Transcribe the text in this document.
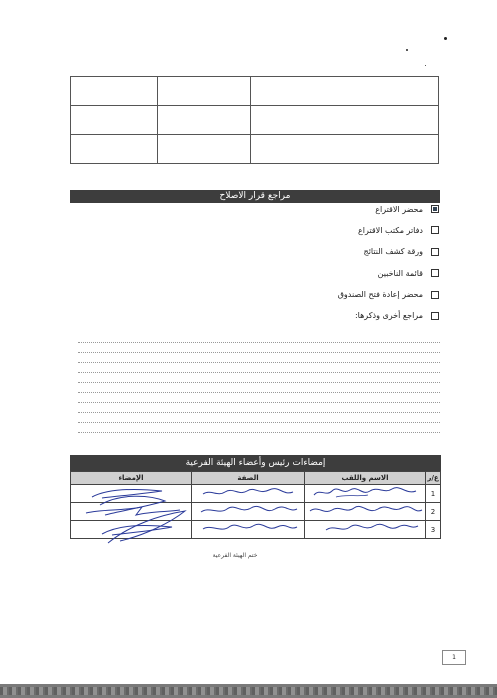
مراجع قرار الاصلاح
محضر الاقتراع
دفاتر مكتب الاقتراع
ورقة كشف النتائج
قائمة الناخبين
محضر إعادة فتح الصندوق
مراجع أخرى وذكرها:
إمضاءات رئيس وأعضاء الهيئة الفرعية
ع/ر	الاسم واللقب	الصفة	الإمضاء
1			
2			
3			
ختم الهيئة الفرعية
1
